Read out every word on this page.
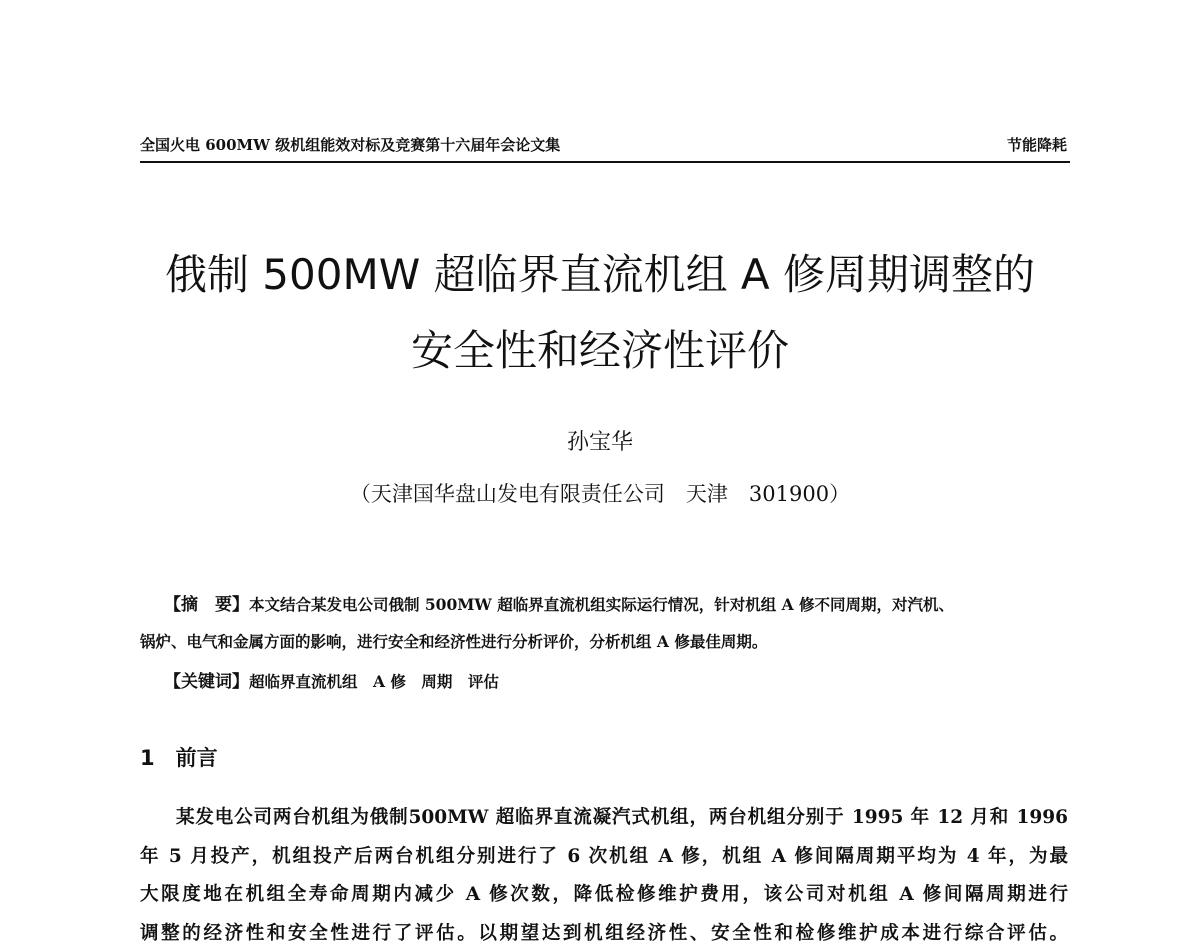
全国火电 600MW 级机组能效对标及竞赛第十六届年会论文集	节能降耗
俄制 500MW 超临界直流机组 A 修周期调整的
安全性和经济性评价
孙宝华
（天津国华盘山发电有限责任公司　天津　301900）
【摘　要】本文结合某发电公司俄制 500MW 超临界直流机组实际运行情况，针对机组 A 修不同周期，对汽机、
锅炉、电气和金属方面的影响，进行安全和经济性进行分析评价，分析机组 A 修最佳周期。
【关键词】超临界直流机组　A 修　周期　评估
1　前言
某发电公司两台机组为俄制500MW 超临界直流凝汽式机组，两台机组分别于 1995 年 12 月和 1996
年 5 月投产，机组投产后两台机组分别进行了 6 次机组 A 修，机组 A 修间隔周期平均为 4 年，为最
大限度地在机组全寿命周期内减少 A 修次数，降低检修维护费用，该公司对机组 A 修间隔周期进行
调整的经济性和安全性进行了评估。以期望达到机组经济性、安全性和检修维护成本进行综合评估。
